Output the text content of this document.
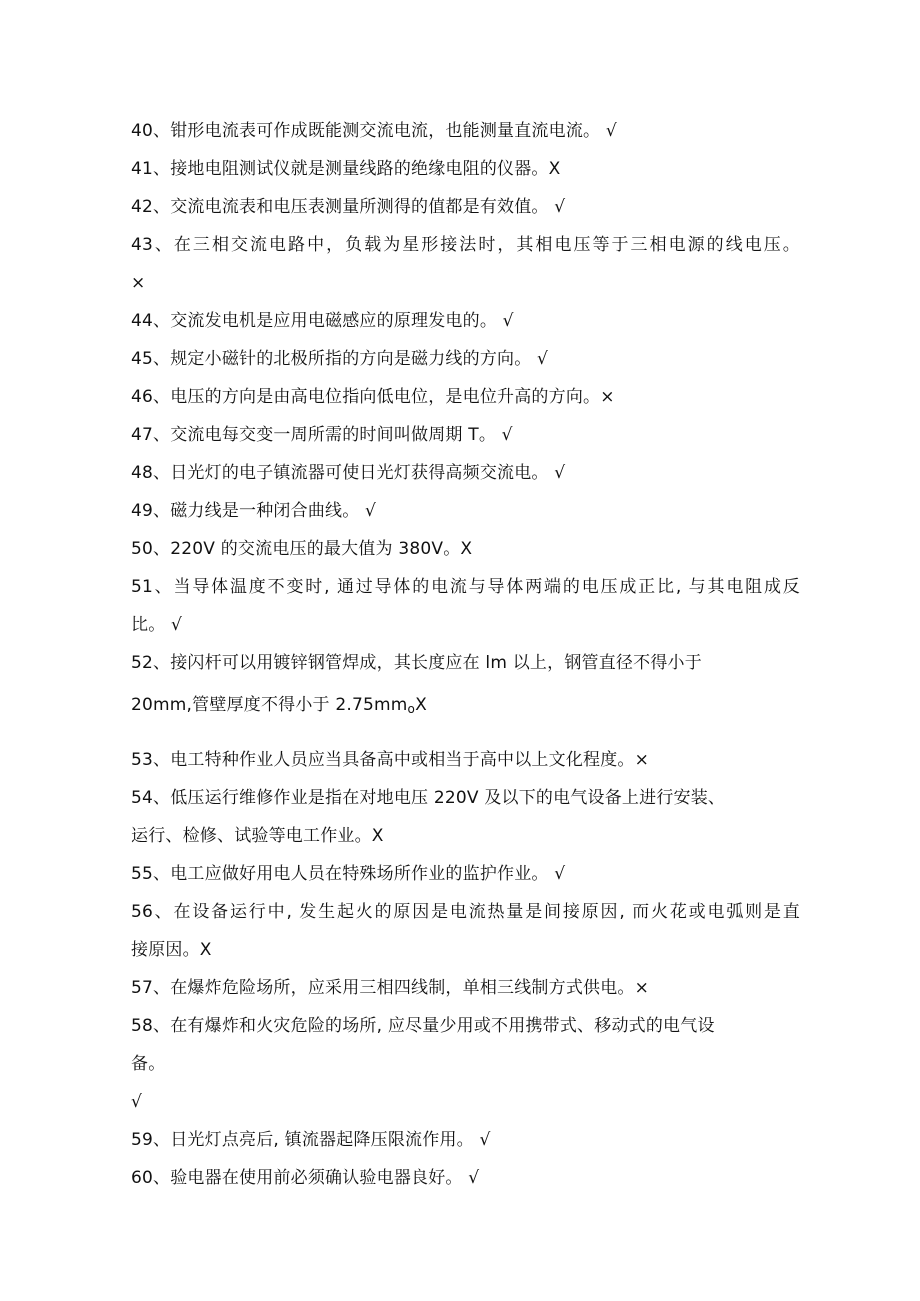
40、钳形电流表可作成既能测交流电流，也能测量直流电流。 √
41、接地电阻测试仪就是测量线路的绝缘电阻的仪器。X
42、交流电流表和电压表测量所测得的值都是有效值。 √
43、在三相交流电路中，负载为星形接法时，其相电压等于三相电源的线电压。
×
44、交流发电机是应用电磁感应的原理发电的。 √
45、规定小磁针的北极所指的方向是磁力线的方向。 √
46、电压的方向是由高电位指向低电位，是电位升高的方向。×
47、交流电每交变一周所需的时间叫做周期 T。 √
48、日光灯的电子镇流器可使日光灯获得高频交流电。 √
49、磁力线是一种闭合曲线。 √
50、220V 的交流电压的最大值为 380V。X
51、当导体温度不变时, 通过导体的电流与导体两端的电压成正比, 与其电阻成反
比。 √
52、接闪杆可以用镀锌钢管焊成，其长度应在 lm 以上，钢管直径不得小于
20mm,管壁厚度不得小于 $2.75mm_oX$
53、电工特种作业人员应当具备高中或相当于高中以上文化程度。×
54、低压运行维修作业是指在对地电压 220V 及以下的电气设备上进行安装、
运行、检修、试验等电工作业。X
55、电工应做好用电人员在特殊场所作业的监护作业。 √
56、在设备运行中, 发生起火的原因是电流热量是间接原因, 而火花或电弧则是直
接原因。X
57、在爆炸危险场所，应采用三相四线制，单相三线制方式供电。×
58、在有爆炸和火灾危险的场所, 应尽量少用或不用携带式、移动式的电气设
备。
√
59、日光灯点亮后, 镇流器起降压限流作用。 √
60、验电器在使用前必须确认验电器良好。 √
